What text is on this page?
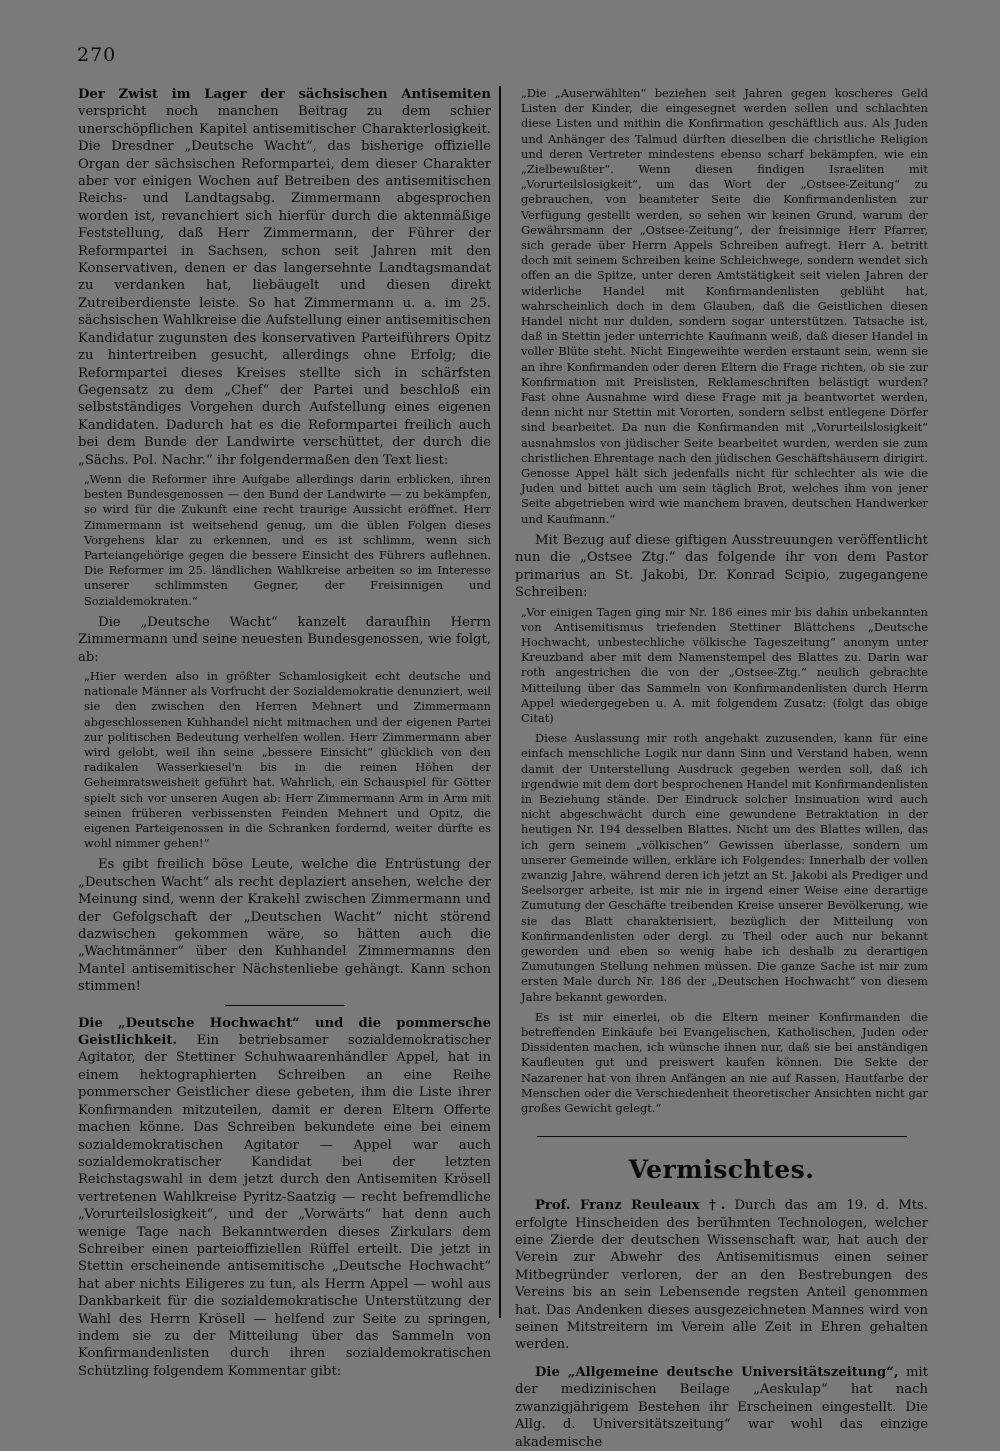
270

Der Zwist im Lager der sächsischen Antisemiten verspricht noch manchen Beitrag zu dem schier unerschöpflichen Kapitel antisemitischer Charakterlosigkeit. Die Dresdner „Deutsche Wacht“, das bisherige offizielle Organ der sächsischen Reformpartei, dem dieser Charakter aber vor einigen Wochen auf Betreiben des antisemitischen Reichs- und Landtagsabg. Zimmermann abgesprochen worden ist, revanchiert sich hierfür durch die aktenmäßige Feststellung, daß Herr Zimmermann, der Führer der Reformpartei in Sachsen, schon seit Jahren mit den Konservativen, denen er das langersehnte Landtagsmandat zu verdanken hat, liebäugelt und diesen direkt Zutreiberdienste leiste. So hat Zimmermann u. a. im 25. sächsischen Wahlkreise die Aufstellung einer antisemitischen Kandidatur zugunsten des konservativen Parteiführers Opitz zu hintertreiben gesucht, allerdings ohne Erfolg; die Reformpartei dieses Kreises stellte sich in schärfsten Gegensatz zu dem „Chef“ der Partei und beschloß ein selbstständiges Vorgehen durch Aufstellung eines eigenen Kandidaten. Dadurch hat es die Reformpartei freilich auch bei dem Bunde der Landwirte verschüttet, der durch die „Sächs. Pol. Nachr.“ ihr folgendermaßen den Text liest:

„Wenn die Reformer ihre Aufgabe allerdings darin erblicken, ihren besten Bundesgenossen — den Bund der Landwirte — zu bekämpfen, so wird für die Zukunft eine recht traurige Aussicht eröffnet. Herr Zimmermann ist weitsehend genug, um die üblen Folgen dieses Vorgehens klar zu erkennen, und es ist schlimm, wenn sich Parteiangehörige gegen die bessere Einsicht des Führers auflehnen. Die Reformer im 25. ländlichen Wahlkreise arbeiten so im Interesse unserer schlimmsten Gegner, der Freisinnigen und Sozialdemokraten.“

Die „Deutsche Wacht“ kanzelt daraufhin Herrn Zimmermann und seine neuesten Bundesgenossen, wie folgt, ab:

„Hier werden also in größter Schamlosigkeit echt deutsche und nationale Männer als Vorfrucht der Sozialdemokratie denunziert, weil sie den zwischen den Herren Mehnert und Zimmermann abgeschlossenen Kuhhandel nicht mitmachen und der eigenen Partei zur politischen Bedeutung verhelfen wollen. Herr Zimmermann aber wird gelobt, weil ihn seine „bessere Einsicht“ glücklich von den radikalen Wasserkiesel'n bis in die reinen Höhen der Geheimratsweisheit geführt hat. Wahrlich, ein Schauspiel für Götter spielt sich vor unseren Augen ab: Herr Zimmermann Arm in Arm mit seinen früheren verbissensten Feinden Mehnert und Opitz, die eigenen Parteigenossen in die Schranken fordernd, weiter dürfte es wohl nimmer gehen!“

Es gibt freilich böse Leute, welche die Entrüstung der „Deutschen Wacht“ als recht deplaziert ansehen, welche der Meinung sind, wenn der Krakehl zwischen Zimmermann und der Gefolgschaft der „Deutschen Wacht“ nicht störend dazwischen gekommen wäre, so hätten auch die „Wachtmänner“ über den Kuhhandel Zimmermanns den Mantel antisemitischer Nächstenliebe gehängt. Kann schon stimmen!

Die „Deutsche Hochwacht“ und die pommersche Geistlichkeit. Ein betriebsamer sozialdemokratischer Agitator, der Stettiner Schuhwaarenhändler Appel, hat in einem hektographierten Schreiben an eine Reihe pommerscher Geistlicher diese gebeten, ihm die Liste ihrer Konfirmanden mitzuteilen, damit er deren Eltern Offerte machen könne. Das Schreiben bekundete eine bei einem sozialdemokratischen Agitator — Appel war auch sozialdemokratischer Kandidat bei der letzten Reichstagswahl in dem jetzt durch den Antisemiten Krösell vertretenen Wahlkreise Pyritz-Saatzig — recht befremdliche „Vorurteilslosigkeit“, und der „Vorwärts“ hat denn auch wenige Tage nach Bekanntwerden dieses Zirkulars dem Schreiber einen parteioffiziellen Rüffel erteilt. Die jetzt in Stettin erscheinende antisemitische „Deutsche Hochwacht“ hat aber nichts Eiligeres zu tun, als Herrn Appel — wohl aus Dankbarkeit für die sozialdemokratische Unterstützung der Wahl des Herrn Krösell — helfend zur Seite zu springen, indem sie zu der Mitteilung über das Sammeln von Konfirmandenlisten durch ihren sozialdemokratischen Schützling folgendem Kommentar gibt:

„Die „Auserwählten“ beziehen seit Jahren gegen koscheres Geld Listen der Kinder, die eingesegnet werden sollen und schlachten diese Listen und mithin die Konfirmation geschäftlich aus. Als Juden und Anhänger des Talmud dürften dieselben die christliche Religion und deren Vertreter mindestens ebenso scharf bekämpfen, wie ein „Zielbewußter“. Wenn diesen findigen Israeliten mit „Vorurteilslosigkeit“, um das Wort der „Ostsee-Zeitung“ zu gebrauchen, von beamteter Seite die Konfirmandenlisten zur Verfügung gestellt werden, so sehen wir keinen Grund, warum der Gewährsmann der „Ostsee-Zeitung“, der freisinnige Herr Pfarrer, sich gerade über Herrn Appels Schreiben aufregt. Herr A. betritt doch mit seinem Schreiben keine Schleichwege, sondern wendet sich offen an die Spitze, unter deren Amtstätigkeit seit vielen Jahren der widerliche Handel mit Konfirmandenlisten geblüht hat, wahrscheinlich doch in dem Glauben, daß die Geistlichen diesen Handel nicht nur dulden, sondern sogar unterstützen. Tatsache ist, daß in Stettin jeder unterrichte Kaufmann weiß, daß dieser Handel in voller Blüte steht. Nicht Eingeweihte werden erstaunt sein, wenn sie an ihre Konfirmanden oder deren Eltern die Frage richten, ob sie zur Konfirmation mit Preislisten, Reklameschriften belästigt wurden? Fast ohne Ausnahme wird diese Frage mit ja beantwortet werden, denn nicht nur Stettin mit Vororten, sondern selbst entlegene Dörfer sind bearbeitet. Da nun die Konfirmanden mit „Vorurteilslosigkeit“ ausnahmslos von jüdischer Seite bearbeitet wurden, werden sie zum christlichen Ehrentage nach den jüdischen Geschäftshäusern dirigirt. Genosse Appel hält sich jedenfalls nicht für schlechter als wie die Juden und bittet auch um sein täglich Brot, welches ihm von jener Seite abgetrieben wird wie manchem braven, deutschen Handwerker und Kaufmann.“

Mit Bezug auf diese giftigen Ausstreuungen veröffentlicht nun die „Ostsee Ztg.“ das folgende ihr von dem Pastor primarius an St. Jakobi, Dr. Konrad Scipio, zugegangene Schreiben:

„Vor einigen Tagen ging mir Nr. 186 eines mir bis dahin unbekannten von Antisemitismus triefenden Stettiner Blättchens „Deutsche Hochwacht, unbestechliche völkische Tageszeitung“ anonym unter Kreuzband aber mit dem Namenstempel des Blattes zu. Darin war roth angestrichen die von der „Ostsee-Ztg.“ neulich gebrachte Mitteilung über das Sammeln von Konfirmandenlisten durch Herrn Appel wiedergegeben u. A. mit folgendem Zusatz: (folgt das obige Citat)

Diese Auslassung mir roth angehakt zuzusenden, kann für eine einfach menschliche Logik nur dann Sinn und Verstand haben, wenn damit der Unterstellung Ausdruck gegeben werden soll, daß ich irgendwie mit dem dort besprochenen Handel mit Konfirmandenlisten in Beziehung stände. Der Eindruck solcher Insinuation wird auch nicht abgeschwächt durch eine gewundene Betraktation in der heutigen Nr. 194 desselben Blattes. Nicht um des Blattes willen, das ich gern seinem „völkischen“ Gewissen überlasse, sondern um unserer Gemeinde willen, erkläre ich Folgendes: Innerhalb der vollen zwanzig Jahre, während deren ich jetzt an St. Jakobi als Prediger und Seelsorger arbeite, ist mir nie in irgend einer Weise eine derartige Zumutung der Geschäfte treibenden Kreise unserer Bevölkerung, wie sie das Blatt charakterisiert, bezüglich der Mitteilung von Konfirmandenlisten oder dergl. zu Theil oder auch nur bekannt geworden und eben so wenig habe ich deshalb zu derartigen Zumutungen Stellung nehmen müssen. Die ganze Sache ist mir zum ersten Male durch Nr. 186 der „Deutschen Hochwacht“ von diesem Jahre bekannt geworden.

Es ist mir einerlei, ob die Eltern meiner Konfirmanden die betreffenden Einkäufe bei Evangelischen, Katholischen, Juden oder Dissidenten machen, ich wünsche ihnen nur, daß sie bei anständigen Kaufleuten gut und preiswert kaufen können. Die Sekte der Nazarener hat von ihren Anfängen an nie auf Rassen, Hautfarbe der Menschen oder die Verschiedenheit theoretischer Ansichten nicht gar großes Gewicht gelegt.“

Vermischtes.

Prof. Franz Reuleaux †. Durch das am 19. d. Mts. erfolgte Hinscheiden des berühmten Technologen, welcher eine Zierde der deutschen Wissenschaft war, hat auch der Verein zur Abwehr des Antisemitismus einen seiner Mitbegründer verloren, der an den Bestrebungen des Vereins bis an sein Lebensende regsten Anteil genommen hat. Das Andenken dieses ausgezeichneten Mannes wird von seinen Mitstreitern im Verein alle Zeit in Ehren gehalten werden.

Die „Allgemeine deutsche Universitätszeitung“, mit der medizinischen Beilage „Aeskulap“ hat nach zwanzigjährigem Bestehen ihr Erscheinen eingestellt. Die Allg. d. Universitätszeitung“ war wohl das einzige akademische
